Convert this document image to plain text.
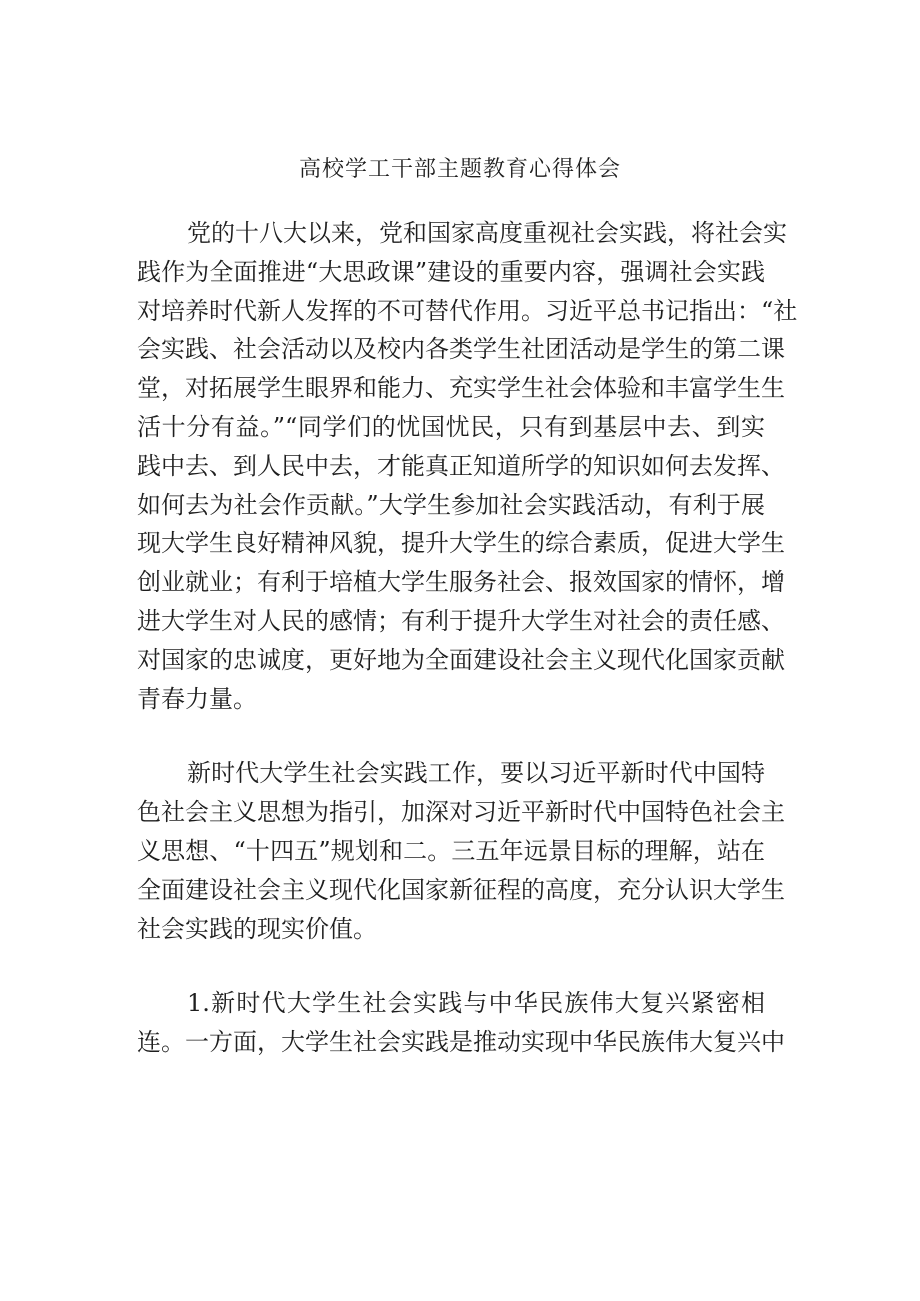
高校学工干部主题教育心得体会
党的十八大以来，党和国家高度重视社会实践，将社会实
践作为全面推进“大思政课”建设的重要内容，强调社会实践
对培养时代新人发挥的不可替代作用。习近平总书记指出：“社
会实践、社会活动以及校内各类学生社团活动是学生的第二课
堂，对拓展学生眼界和能力、充实学生社会体验和丰富学生生
活十分有益。”“同学们的忧国忧民，只有到基层中去、到实
践中去、到人民中去，才能真正知道所学的知识如何去发挥、
如何去为社会作贡献。”大学生参加社会实践活动，有利于展
现大学生良好精神风貌，提升大学生的综合素质，促进大学生
创业就业；有利于培植大学生服务社会、报效国家的情怀，增
进大学生对人民的感情；有利于提升大学生对社会的责任感、
对国家的忠诚度，更好地为全面建设社会主义现代化国家贡献
青春力量。
新时代大学生社会实践工作，要以习近平新时代中国特
色社会主义思想为指引，加深对习近平新时代中国特色社会主
义思想、“十四五”规划和二。三五年远景目标的理解，站在
全面建设社会主义现代化国家新征程的高度，充分认识大学生
社会实践的现实价值。
1.新时代大学生社会实践与中华民族伟大复兴紧密相
连。一方面，大学生社会实践是推动实现中华民族伟大复兴中
